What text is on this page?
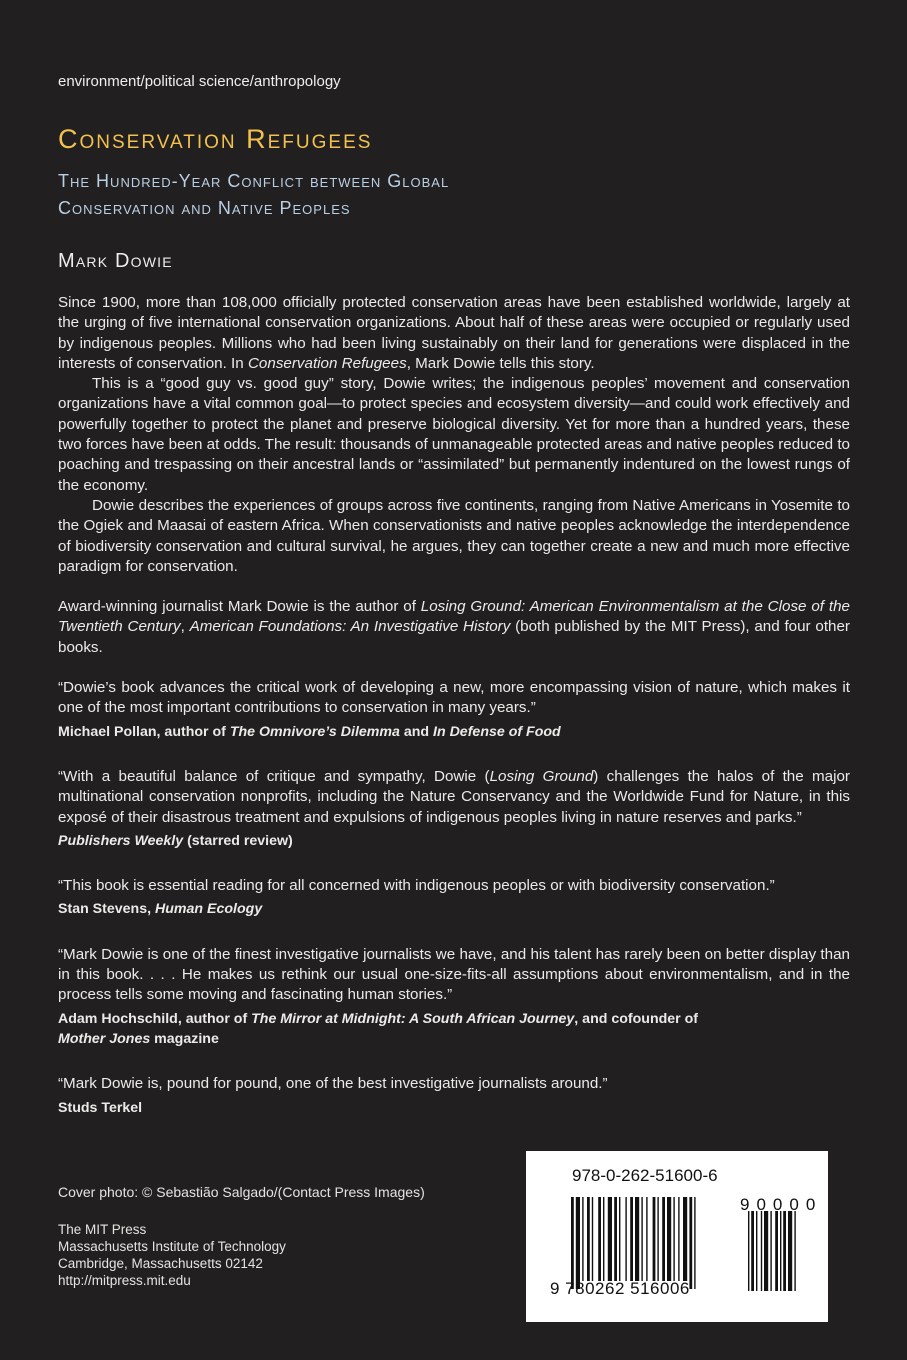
environment/political science/anthropology
Conservation Refugees
The Hundred-Year Conflict between Global
Conservation and Native Peoples
Mark Dowie

Since 1900, more than 108,000 officially protected conservation areas have been established worldwide, largely at the urging of five international conservation organizations. About half of these areas were occupied or regularly used by indigenous peoples. Millions who had been living sustainably on their land for generations were displaced in the interests of conservation. In Conservation Refugees, Mark Dowie tells this story.

This is a “good guy vs. good guy” story, Dowie writes; the indigenous peoples’ movement and conservation organizations have a vital common goal—to protect species and ecosystem diversity—and could work effectively and powerfully together to protect the planet and preserve biological diversity. Yet for more than a hundred years, these two forces have been at odds. The result: thousands of unmanageable protected areas and native peoples reduced to poaching and trespassing on their ancestral lands or “assimilated” but permanently indentured on the lowest rungs of the economy.

Dowie describes the experiences of groups across five continents, ranging from Native Americans in Yosemite to the Ogiek and Maasai of eastern Africa. When conservationists and native peoples acknowledge the interdependence of biodiversity conservation and cultural survival, he argues, they can together create a new and much more effective paradigm for conservation.

Award-winning journalist Mark Dowie is the author of Losing Ground: American Environmentalism at the Close of the Twentieth Century, American Foundations: An Investigative History (both published by the MIT Press), and four other books.

“Dowie’s book advances the critical work of developing a new, more encompassing vision of nature, which makes it one of the most important contributions to conservation in many years.”

Michael Pollan, author of The Omnivore’s Dilemma and In Defense of Food

“With a beautiful balance of critique and sympathy, Dowie (Losing Ground) challenges the halos of the major multinational conservation nonprofits, including the Nature Conservancy and the Worldwide Fund for Nature, in this exposé of their disastrous treatment and expulsions of indigenous peoples living in nature reserves and parks.”

Publishers Weekly (starred review)

“This book is essential reading for all concerned with indigenous peoples or with biodiversity conservation.”

Stan Stevens, Human Ecology

“Mark Dowie is one of the finest investigative journalists we have, and his talent has rarely been on better display than in this book. . . . He makes us rethink our usual one-size-fits-all assumptions about environmentalism, and in the process tells some moving and fascinating human stories.”

Adam Hochschild, author of The Mirror at Midnight: A South African Journey, and cofounder of
Mother Jones magazine

“Mark Dowie is, pound for pound, one of the best investigative journalists around.”

Studs Terkel

Cover photo: © Sebastião Salgado/(Contact Press Images)
The MIT Press
Massachusetts Institute of Technology
Cambridge, Massachusetts 02142
http://mitpress.mit.edu
978-0-262-51600-6
9 780262 516006
90000
